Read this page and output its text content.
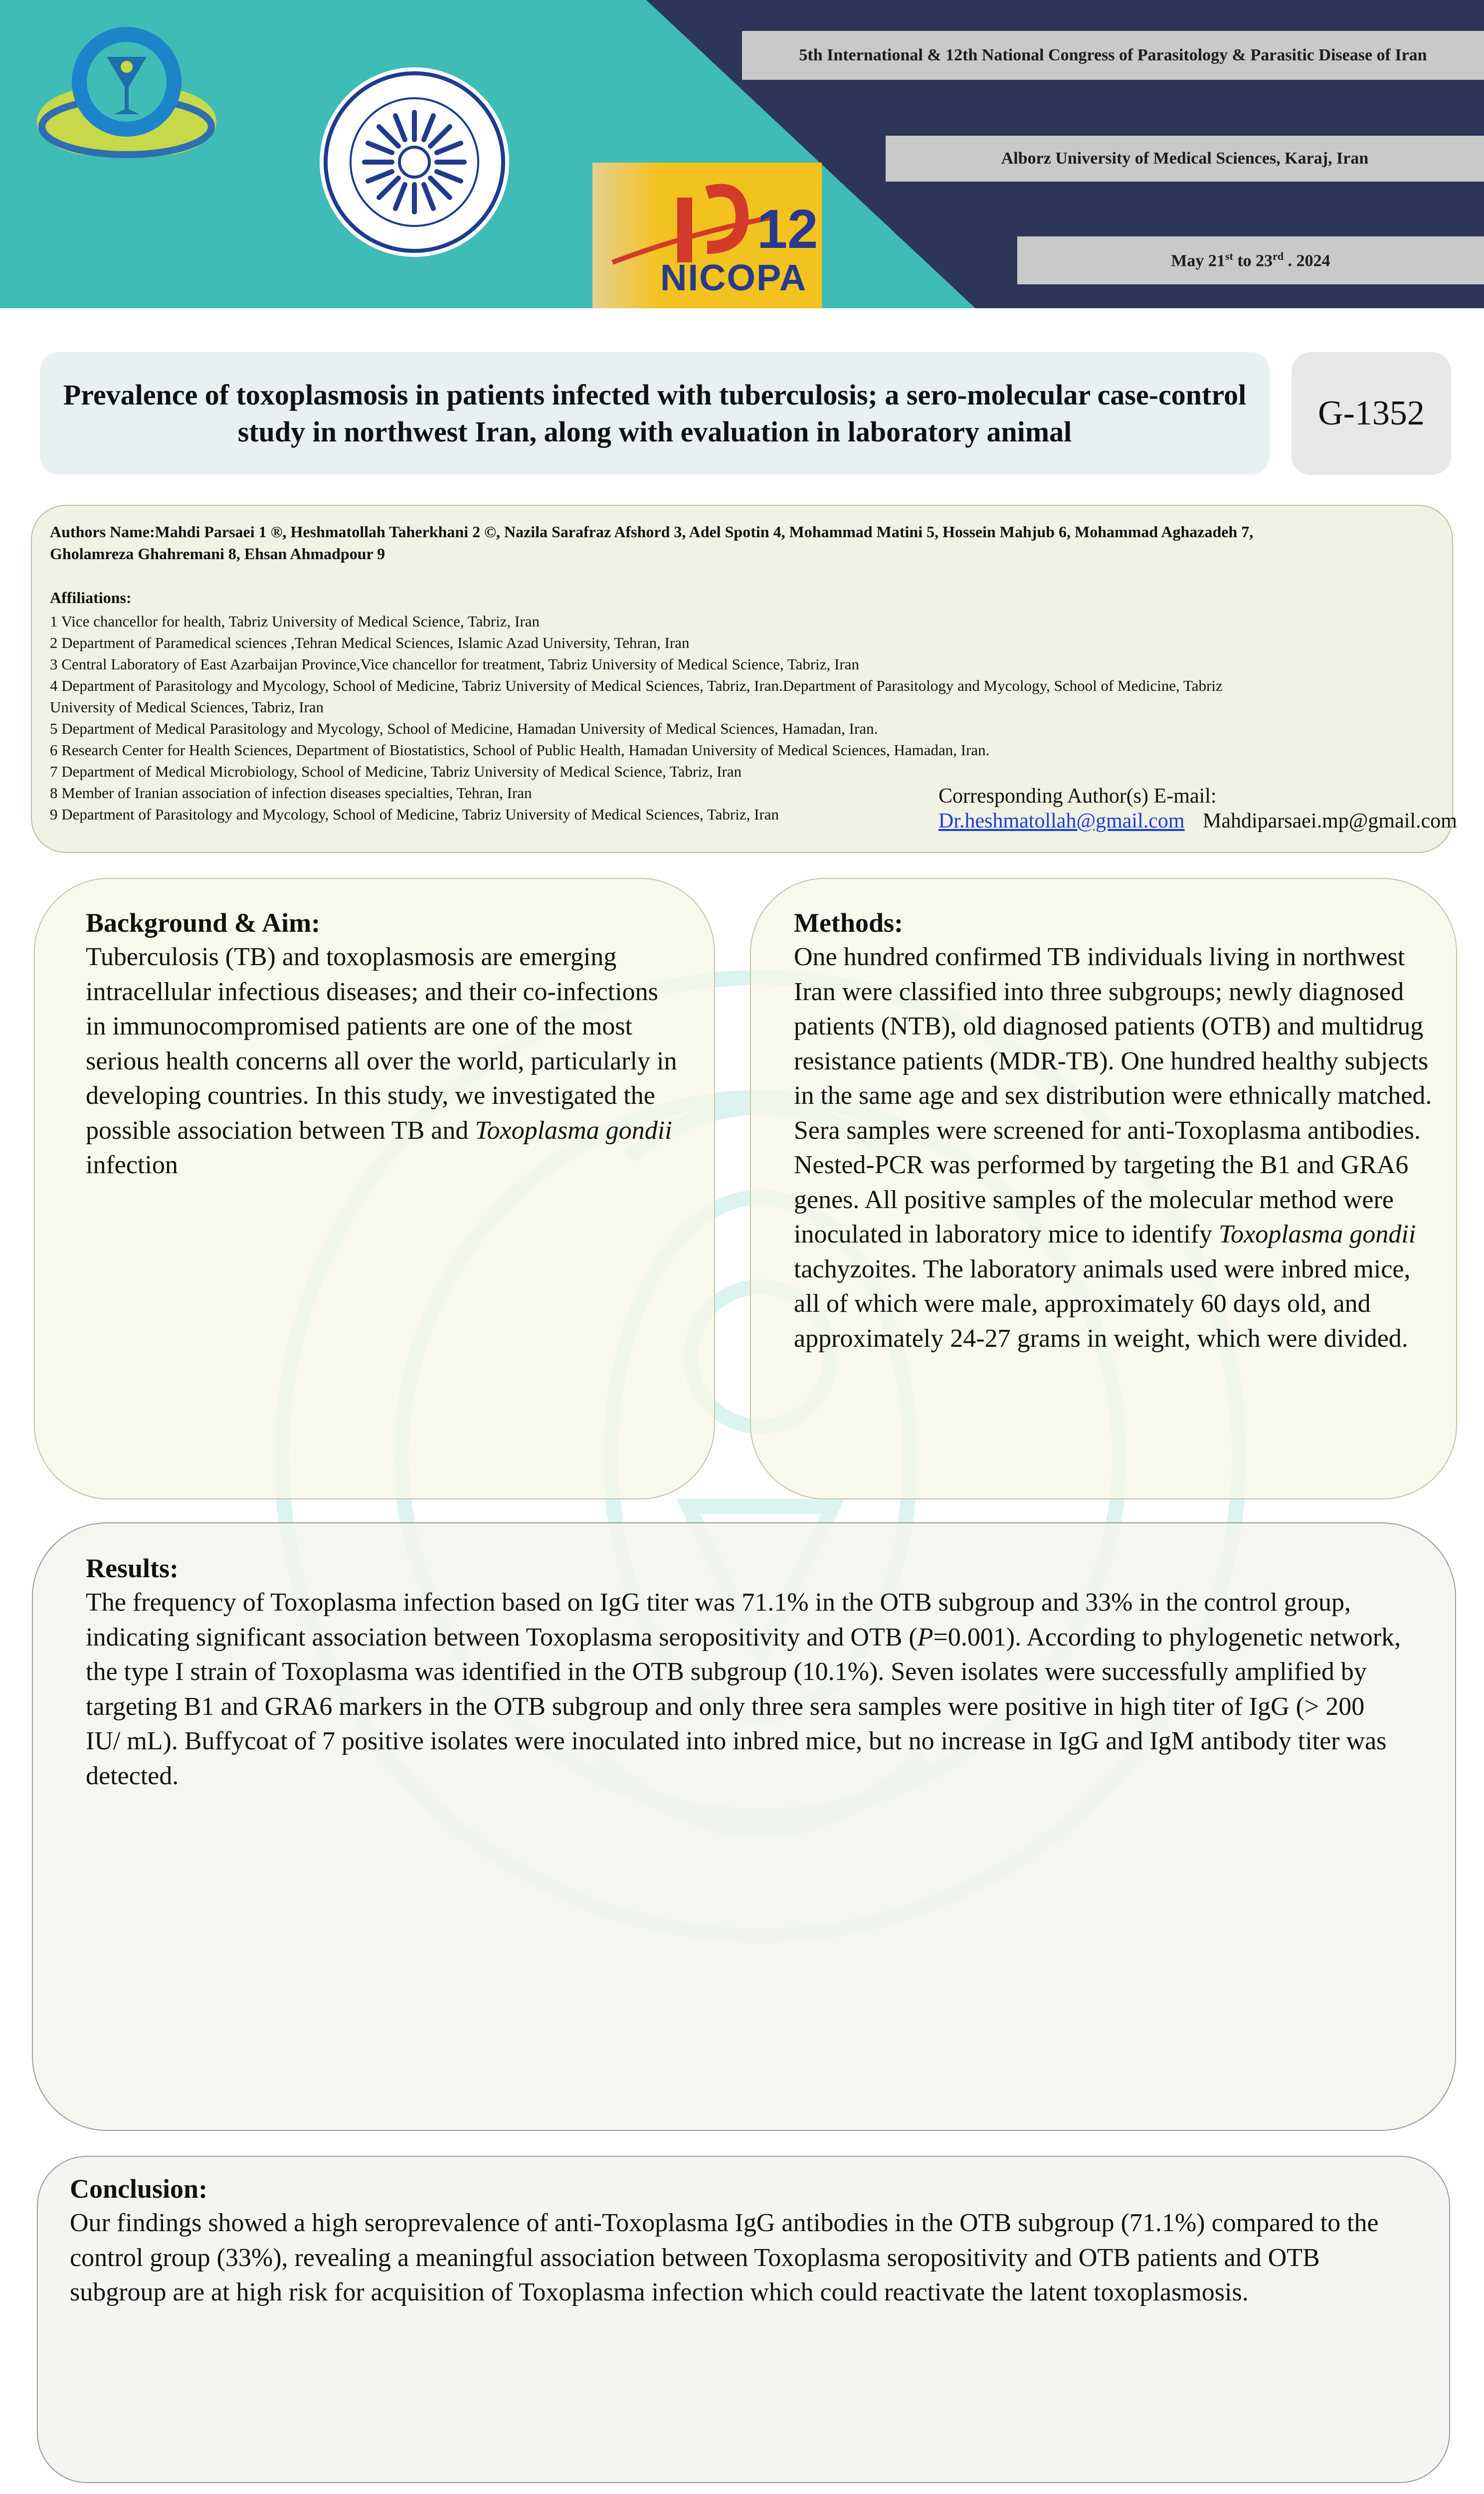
12
NICOPA
5th International & 12th National Congress of Parasitology & Parasitic Disease of Iran
Alborz University of Medical Sciences, Karaj, Iran
May 21st to 23rd . 2024
Prevalence of toxoplasmosis in patients infected with tuberculosis; a sero-molecular case-control study in northwest Iran, along with evaluation in laboratory animal	G-1352
Authors Name:Mahdi Parsaei 1 ®, Heshmatollah Taherkhani 2 ©, Nazila Sarafraz Afshord 3, Adel Spotin 4, Mohammad Matini 5, Hossein Mahjub 6, Mohammad Aghazadeh 7, Gholamreza Ghahremani 8, Ehsan Ahmadpour 9
Affiliations:
1 Vice chancellor for health, Tabriz University of Medical Science, Tabriz, Iran
2 Department of Paramedical sciences ,Tehran Medical Sciences, Islamic Azad University, Tehran, Iran
3 Central Laboratory of East Azarbaijan Province,Vice chancellor for treatment, Tabriz University of Medical Science, Tabriz, Iran
4 Department of Parasitology and Mycology, School of Medicine, Tabriz University of Medical Sciences, Tabriz, Iran.Department of Parasitology and Mycology, School of Medicine, Tabriz University of Medical Sciences, Tabriz, Iran
5 Department of Medical Parasitology and Mycology, School of Medicine, Hamadan University of Medical Sciences, Hamadan, Iran.
6 Research Center for Health Sciences, Department of Biostatistics, School of Public Health, Hamadan University of Medical Sciences, Hamadan, Iran.
7 Department of Medical Microbiology, School of Medicine, Tabriz University of Medical Science, Tabriz, Iran
8 Member of Iranian association of infection diseases specialties, Tehran, Iran
9 Department of Parasitology and Mycology, School of Medicine, Tabriz University of Medical Sciences, Tabriz, Iran
Corresponding Author(s) E-mail:
Dr.heshmatollah@gmail.com Mahdiparsaei.mp@gmail.com
Background & Aim:
Tuberculosis (TB) and toxoplasmosis are emerging intracellular infectious diseases; and their co-infections in immunocompromised patients are one of the most serious health concerns all over the world, particularly in developing countries. In this study, we investigated the possible association between TB and Toxoplasma gondii infection
Methods:
One hundred confirmed TB individuals living in northwest Iran were classified into three subgroups; newly diagnosed patients (NTB), old diagnosed patients (OTB) and multidrug resistance patients (MDR-TB). One hundred healthy subjects in the same age and sex distribution were ethnically matched. Sera samples were screened for anti-Toxoplasma antibodies. Nested-PCR was performed by targeting the B1 and GRA6 genes. All positive samples of the molecular method were inoculated in laboratory mice to identify Toxoplasma gondii tachyzoites. The laboratory animals used were inbred mice, all of which were male, approximately 60 days old, and approximately 24-27 grams in weight, which were divided.
Results:
The frequency of Toxoplasma infection based on IgG titer was 71.1% in the OTB subgroup and 33% in the control group, indicating significant association between Toxoplasma seropositivity and OTB (P=0.001). According to phylogenetic network, the type I strain of Toxoplasma was identified in the OTB subgroup (10.1%). Seven isolates were successfully amplified by targeting B1 and GRA6 markers in the OTB subgroup and only three sera samples were positive in high titer of IgG (> 200 IU/ mL). Buffycoat of 7 positive isolates were inoculated into inbred mice, but no increase in IgG and IgM antibody titer was detected.
Conclusion:
Our findings showed a high seroprevalence of anti-Toxoplasma IgG antibodies in the OTB subgroup (71.1%) compared to the control group (33%), revealing a meaningful association between Toxoplasma seropositivity and OTB patients and OTB subgroup are at high risk for acquisition of Toxoplasma infection which could reactivate the latent toxoplasmosis.
